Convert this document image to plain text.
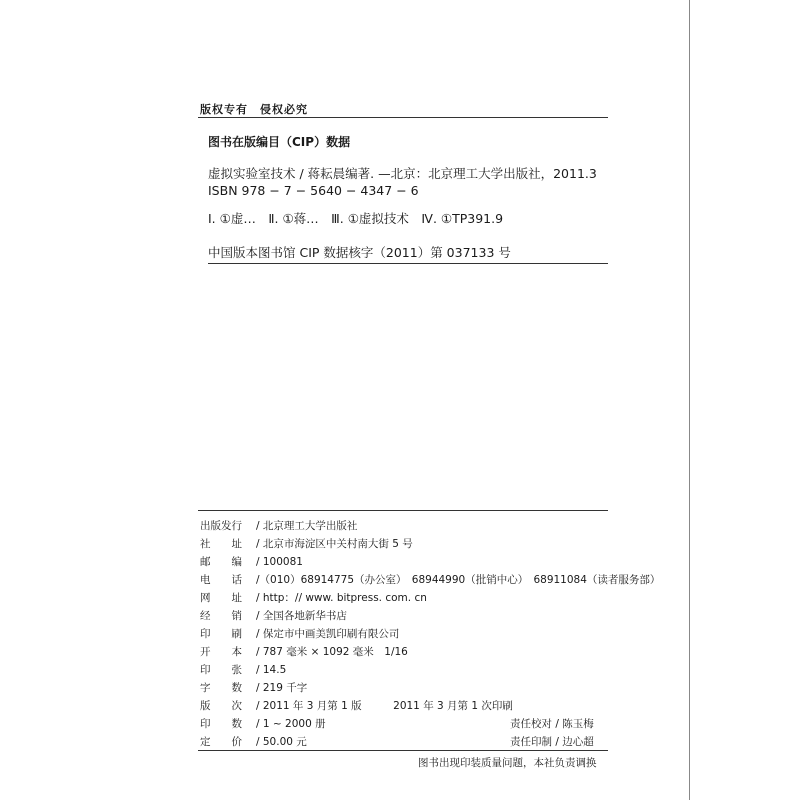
版权专有　侵权必究
图书在版编目（CIP）数据
虚拟实验室技术 / 蒋耘晨编著. —北京：北京理工大学出版社，2011.3
ISBN 978 − 7 − 5640 − 4347 − 6
Ⅰ. ①虚…　Ⅱ. ①蒋…　Ⅲ. ①虚拟技术　Ⅳ. ①TP391.9
中国版本图书馆 CIP 数据核字（2011）第 037133 号
出版发行 / 北京理工大学出版社
社　　址 / 北京市海淀区中关村南大街 5 号
邮　　编 / 100081
电　　话 /（010）68914775（办公室）　68944990（批销中心）　68911084（读者服务部）
网　　址 / http：// www. bitpress. com. cn
经　　销 / 全国各地新华书店
印　　刷 / 保定市中画美凯印刷有限公司
开　　本 / 787 毫米 × 1092 毫米　1/16
印　　张 / 14.5
字　　数 / 219 千字
版　　次 / 2011 年 3 月第 1 版　　　2011 年 3 月第 1 次印刷
印　　数 / 1 ~ 2000 册
定　　价 / 50.00 元
责任校对 / 陈玉梅
责任印制 / 边心超
图书出现印装质量问题，本社负责调换
